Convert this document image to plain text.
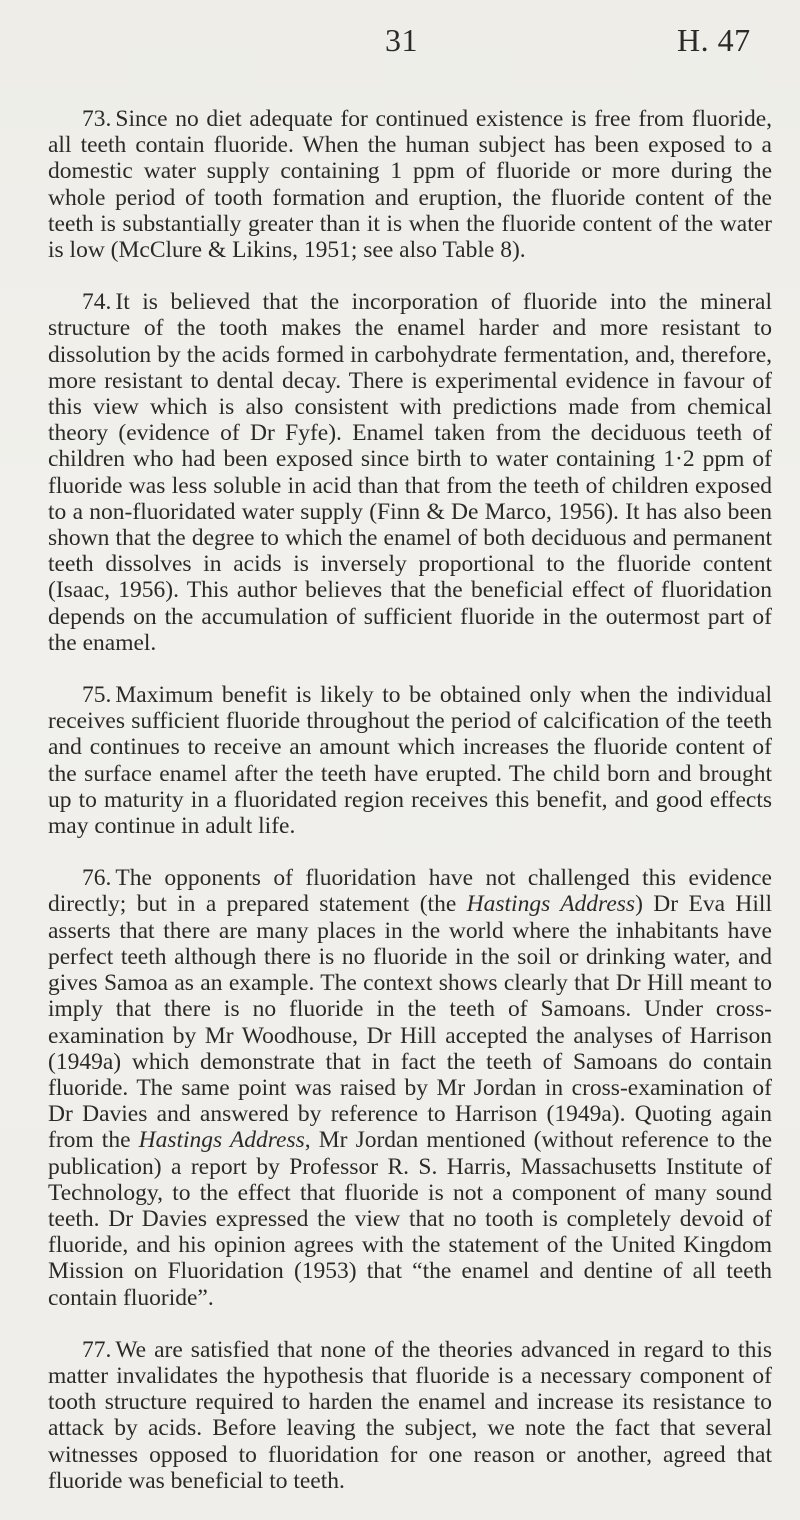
31	H. 47

73. Since no diet adequate for continued existence is free from fluoride, all teeth contain fluoride. When the human subject has been exposed to a domestic water supply containing 1 ppm of fluoride or more during the whole period of tooth formation and eruption, the fluoride content of the teeth is substantially greater than it is when the fluoride content of the water is low (McClure & Likins, 1951; see also Table 8).

74. It is believed that the incorporation of fluoride into the mineral structure of the tooth makes the enamel harder and more resistant to dissolution by the acids formed in carbohydrate fermentation, and, therefore, more resistant to dental decay. There is experimental evidence in favour of this view which is also consistent with predictions made from chemical theory (evidence of Dr Fyfe). Enamel taken from the deciduous teeth of children who had been exposed since birth to water containing 1·2 ppm of fluoride was less soluble in acid than that from the teeth of children exposed to a non-fluoridated water supply (Finn & De Marco, 1956). It has also been shown that the degree to which the enamel of both deciduous and permanent teeth dissolves in acids is inversely proportional to the fluoride content (Isaac, 1956). This author believes that the beneficial effect of fluoridation depends on the accumulation of sufficient fluoride in the outermost part of the enamel.

75. Maximum benefit is likely to be obtained only when the individual receives sufficient fluoride throughout the period of calcification of the teeth and continues to receive an amount which increases the fluoride content of the surface enamel after the teeth have erupted. The child born and brought up to maturity in a fluoridated region receives this benefit, and good effects may continue in adult life.

76. The opponents of fluoridation have not challenged this evidence directly; but in a prepared statement (the Hastings Address) Dr Eva Hill asserts that there are many places in the world where the inhabitants have perfect teeth although there is no fluoride in the soil or drinking water, and gives Samoa as an example. The context shows clearly that Dr Hill meant to imply that there is no fluoride in the teeth of Samoans. Under cross-examination by Mr Woodhouse, Dr Hill accepted the analyses of Harrison (1949a) which demonstrate that in fact the teeth of Samoans do contain fluoride. The same point was raised by Mr Jordan in cross-examination of Dr Davies and answered by reference to Harrison (1949a). Quoting again from the Hastings Address, Mr Jordan mentioned (without reference to the publication) a report by Professor R. S. Harris, Massachusetts Institute of Technology, to the effect that fluoride is not a component of many sound teeth. Dr Davies expressed the view that no tooth is completely devoid of fluoride, and his opinion agrees with the statement of the United Kingdom Mission on Fluoridation (1953) that “the enamel and dentine of all teeth contain fluoride”.

77. We are satisfied that none of the theories advanced in regard to this matter invalidates the hypothesis that fluoride is a necessary component of tooth structure required to harden the enamel and increase its resistance to attack by acids. Before leaving the subject, we note the fact that several witnesses opposed to fluoridation for one reason or another, agreed that fluoride was beneficial to teeth.
